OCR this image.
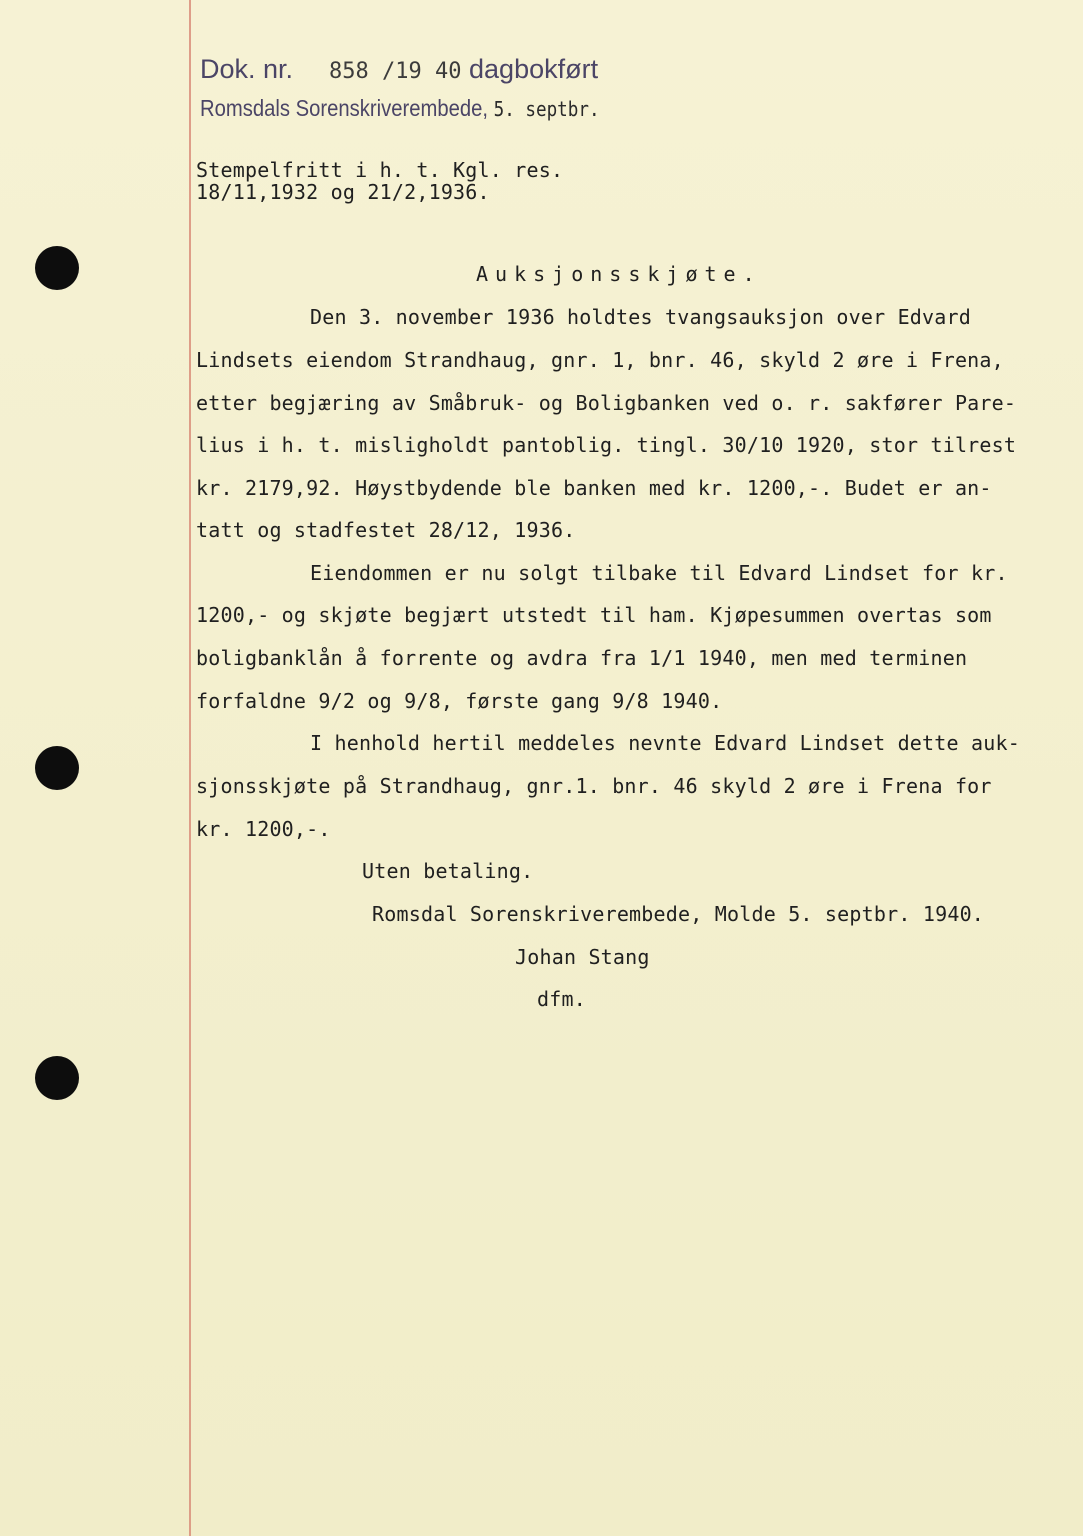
Dok. nr. 858 /19 40 dagbokført
Romsdals Sorenskriverembede, 5. septbr.
Stempelfritt i h. t. Kgl. res.
18/11,1932 og 21/2,1936.
Auksjonsskjøte.
Den 3. november 1936 holdtes tvangsauksjon over Edvard
Lindsets eiendom Strandhaug, gnr. 1, bnr. 46, skyld 2 øre i Frena,
etter begjæring av Småbruk- og Boligbanken ved o. r. sakfører Pare-
lius i h. t. misligholdt pantoblig. tingl. 30/10 1920, stor tilrest
kr. 2179,92. Høystbydende ble banken med kr. 1200,-. Budet er an-
tatt og stadfestet 28/12, 1936.
Eiendommen er nu solgt tilbake til Edvard Lindset for kr.
1200,- og skjøte begjært utstedt til ham. Kjøpesummen overtas som
boligbanklån å forrente og avdra fra 1/1 1940, men med terminen
forfaldne 9/2 og 9/8, første gang 9/8 1940.
I henhold hertil meddeles nevnte Edvard Lindset dette auk-
sjonsskjøte på Strandhaug, gnr.1. bnr. 46 skyld 2 øre i Frena for
kr. 1200,-.
Uten betaling.
Romsdal Sorenskriverembede, Molde 5. septbr. 1940.
Johan Stang
dfm.
